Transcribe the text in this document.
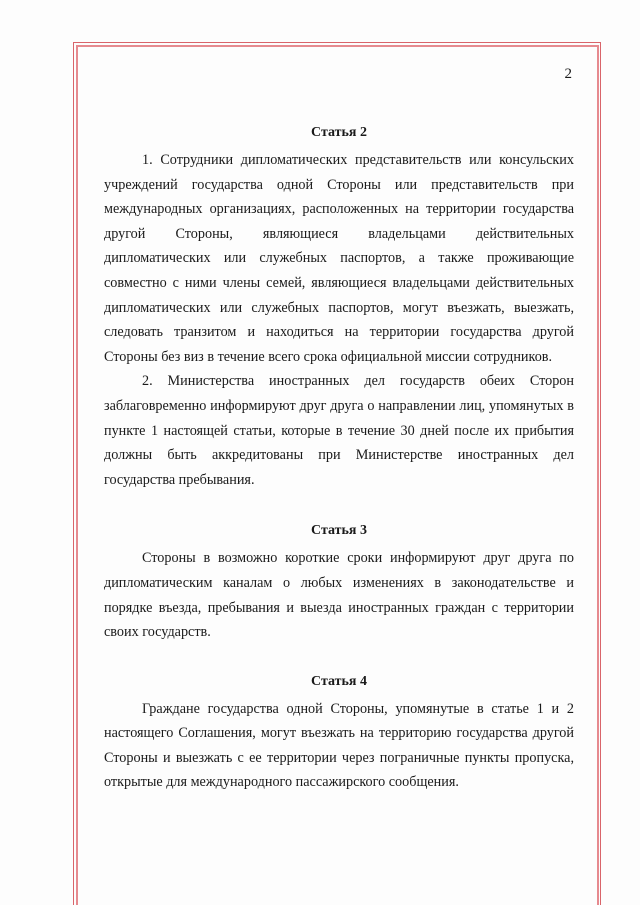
2
Статья 2

1. Сотрудники дипломатических представительств или консульских учреждений государства одной Стороны или представительств при международных организациях, расположенных на территории государства другой Стороны, являющиеся владельцами действительных дипломатических или служебных паспортов, а также проживающие совместно с ними члены семей, являющиеся владельцами действительных дипломатических или служебных паспортов, могут въезжать, выезжать, следовать транзитом и находиться на территории государства другой Стороны без виз в течение всего срока официальной миссии сотрудников.

2. Министерства иностранных дел государств обеих Сторон заблаговременно информируют друг друга о направлении лиц, упомянутых в пункте 1 настоящей статьи, которые в течение 30 дней после их прибытия должны быть аккредитованы при Министерстве иностранных дел государства пребывания.

Статья 3

Стороны в возможно короткие сроки информируют друг друга по дипломатическим каналам о любых изменениях в законодательстве и порядке въезда, пребывания и выезда иностранных граждан с территории своих государств.

Статья 4

Граждане государства одной Стороны, упомянутые в статье 1 и 2 настоящего Соглашения, могут въезжать на территорию государства другой Стороны и выезжать с ее территории через пограничные пункты пропуска, открытые для международного пассажирского сообщения.
